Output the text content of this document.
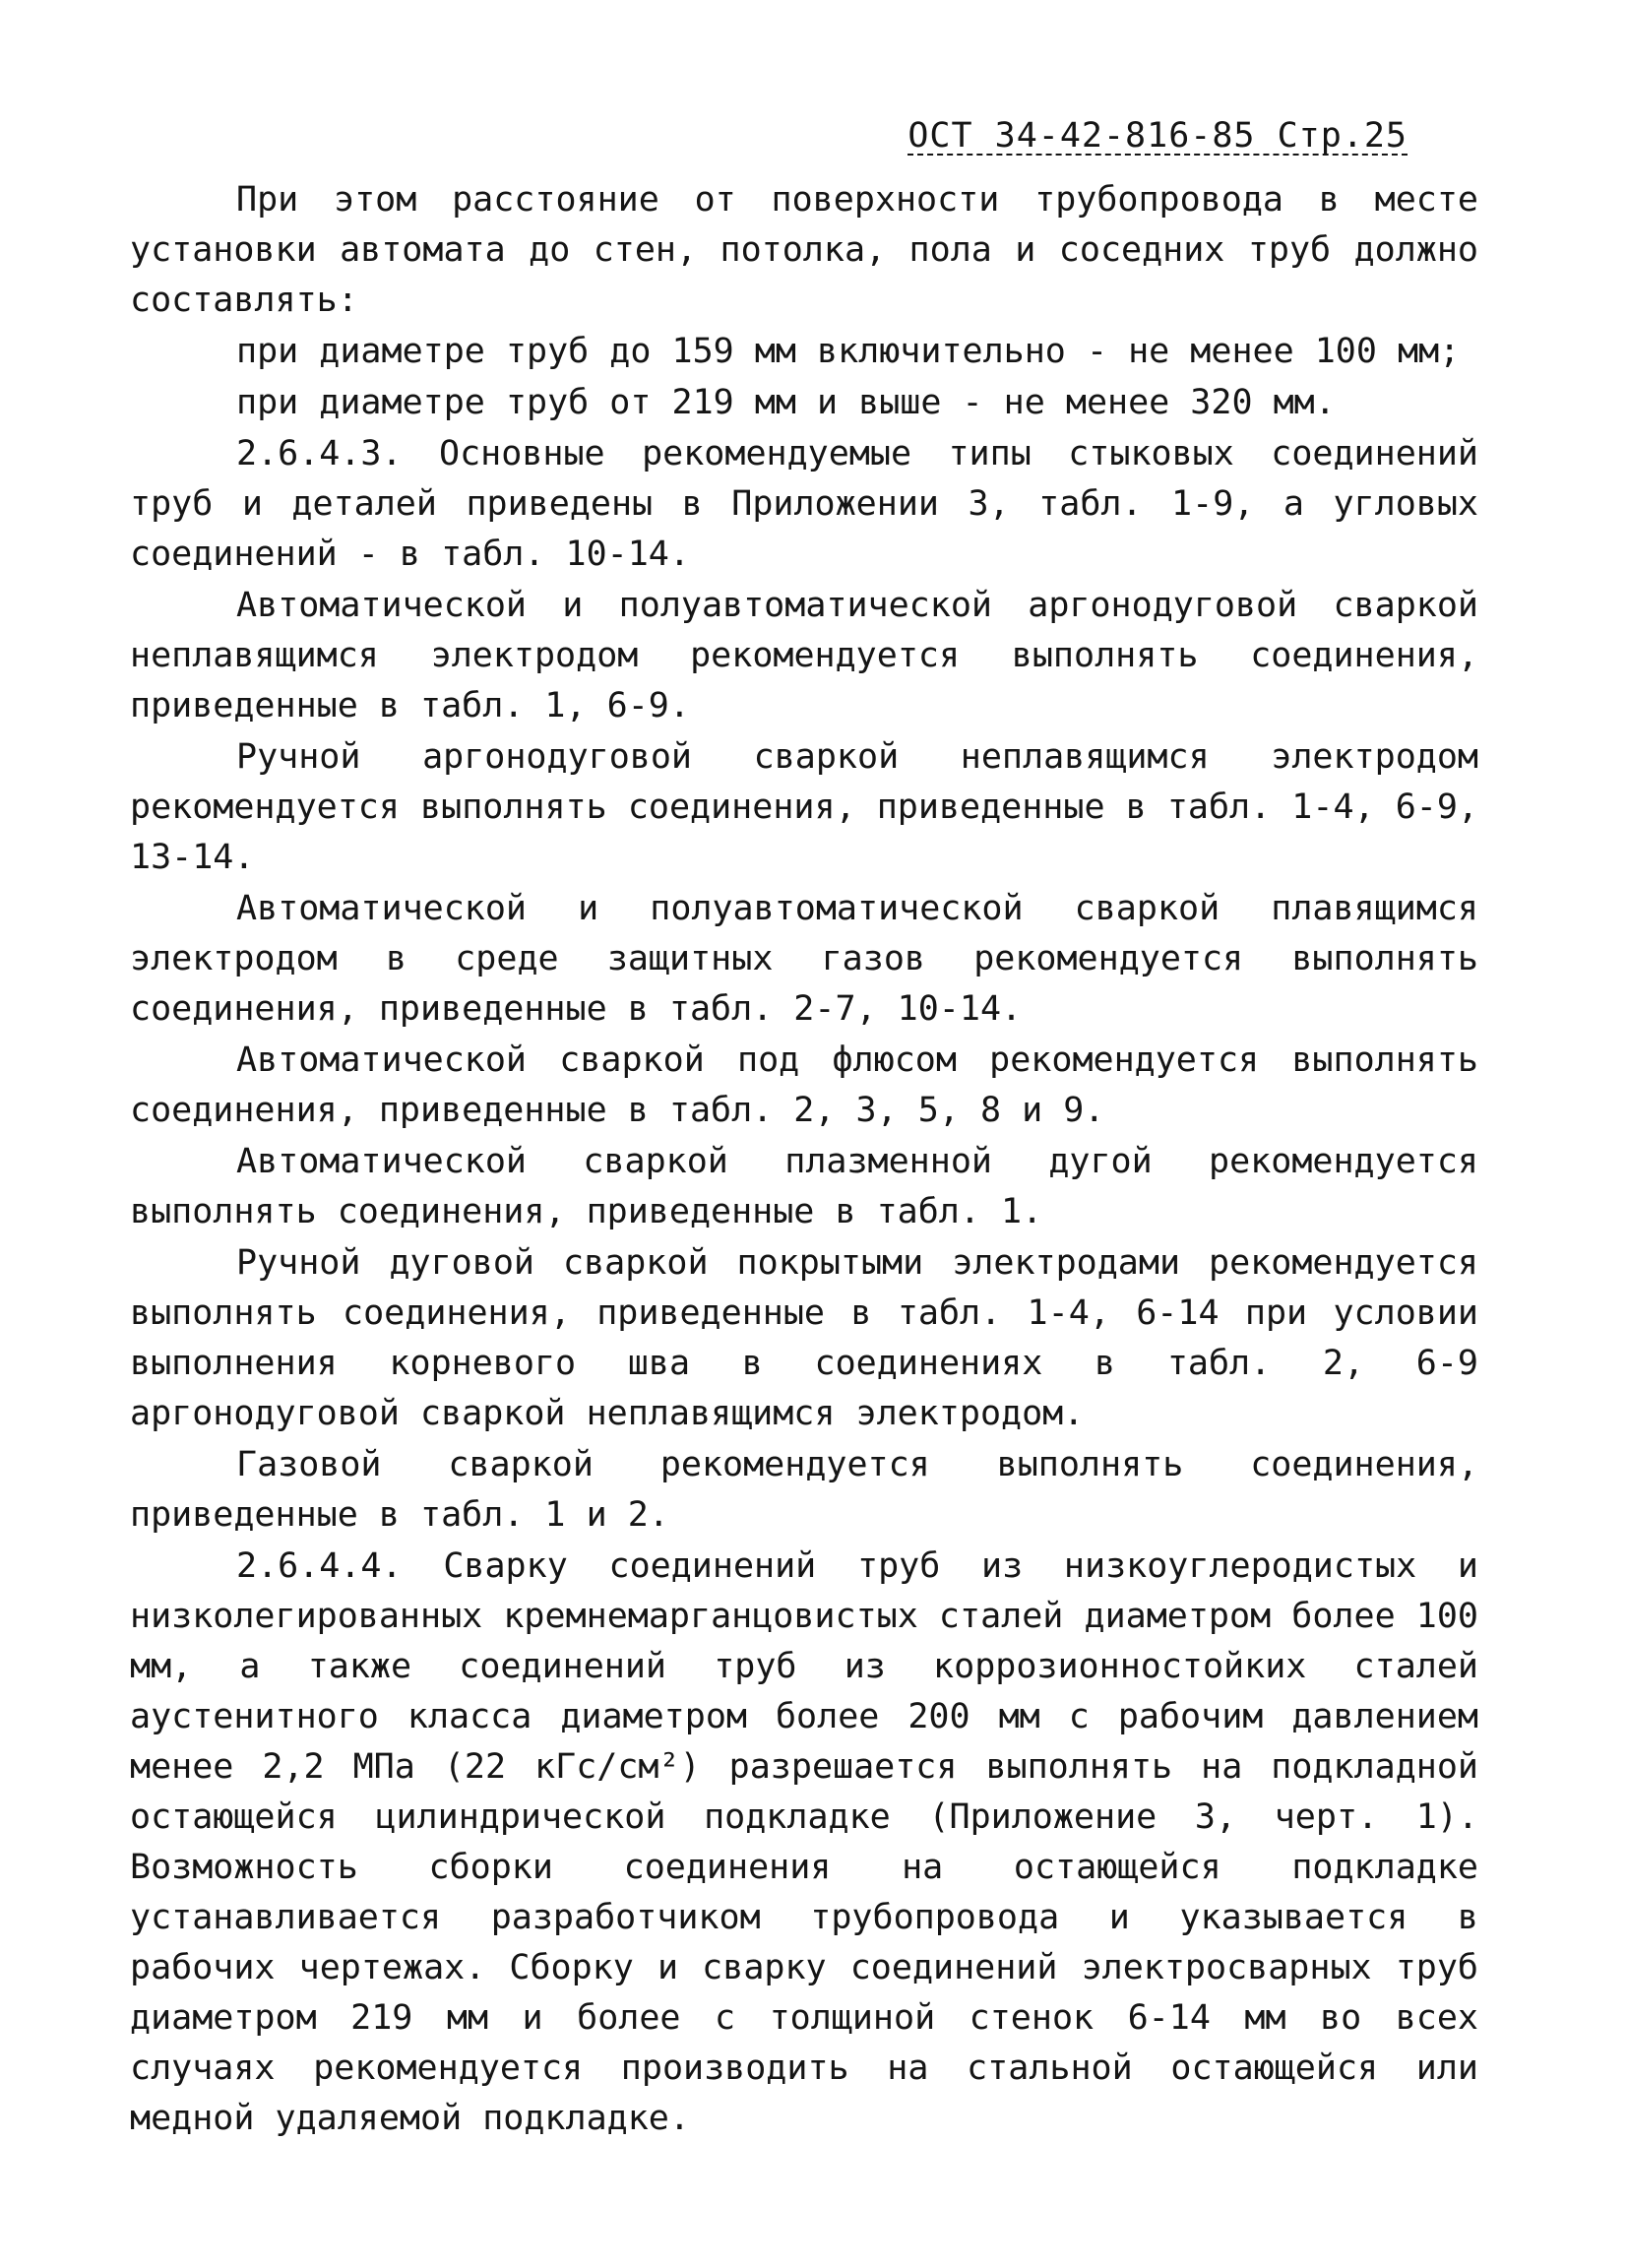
ОСТ 34-42-816-85 Стр.25

При этом расстояние от поверхности трубопровода в месте установки автомата до стен, потолка, пола и соседних труб должно составлять:

при диаметре труб до 159 мм включительно - не менее 100 мм;
при диаметре труб от 219 мм и выше - не менее 320 мм.

2.6.4.3. Основные рекомендуемые типы стыковых соединений труб и деталей приведены в Приложении 3, табл. 1-9, а угловых соединений - в табл. 10-14.

Автоматической и полуавтоматической аргонодуговой сваркой неплавящимся электродом рекомендуется выполнять соединения, приведенные в табл. 1, 6-9.

Ручной аргонодуговой сваркой неплавящимся электродом рекомендуется выполнять соединения, приведенные в табл. 1-4, 6-9, 13-14.

Автоматической и полуавтоматической сваркой плавящимся электродом в среде защитных газов рекомендуется выполнять соединения, приведенные в табл. 2-7, 10-14.

Автоматической сваркой под флюсом рекомендуется выполнять соединения, приведенные в табл. 2, 3, 5, 8 и 9.

Автоматической сваркой плазменной дугой рекомендуется выполнять соединения, приведенные в табл. 1.

Ручной дуговой сваркой покрытыми электродами рекомендуется выполнять соединения, приведенные в табл. 1-4, 6-14 при условии выполнения корневого шва в соединениях в табл. 2, 6-9 аргонодуговой сваркой неплавящимся электродом.

Газовой сваркой рекомендуется выполнять соединения, приведенные в табл. 1 и 2.

2.6.4.4. Сварку соединений труб из низкоуглеродистых и низколегированных кремнемарганцовистых сталей диаметром более 100 мм, а также соединений труб из коррозионностойких сталей аустенитного класса диаметром более 200 мм с рабочим давлением менее 2,2 МПа (22 кГс/см²) разрешается выполнять на подкладной остающейся цилиндрической подкладке (Приложение 3, черт. 1). Возможность сборки соединения на остающейся подкладке устанавливается разработчиком трубопровода и указывается в рабочих чертежах. Сборку и сварку соединений электросварных труб диаметром 219 мм и более с толщиной стенок 6-14 мм во всех случаях рекомендуется производить на стальной остающейся или медной удаляемой подкладке.
